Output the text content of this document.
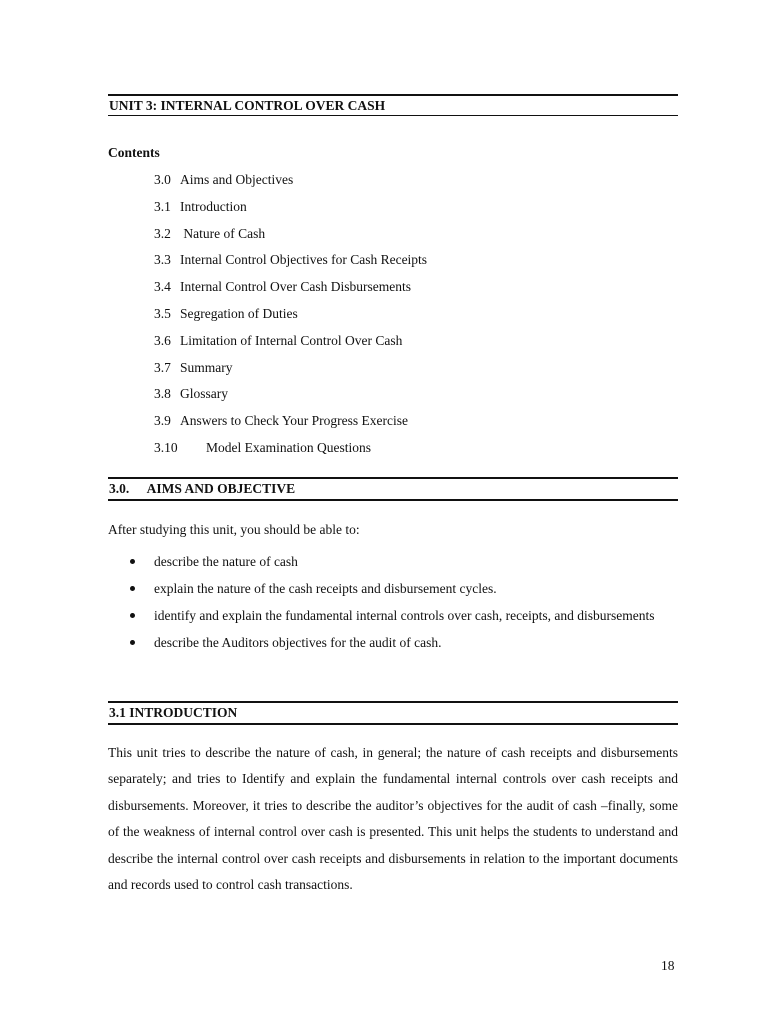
UNIT 3: INTERNAL CONTROL OVER CASH
Contents
3.0 Aims and Objectives
3.1 Introduction
3.2 Nature of Cash
3.3 Internal Control Objectives for Cash Receipts
3.4 Internal Control Over Cash Disbursements
3.5 Segregation of Duties
3.6 Limitation of Internal Control Over Cash
3.7 Summary
3.8 Glossary
3.9 Answers to Check Your Progress Exercise
3.10 Model Examination Questions
3.0. AIMS AND OBJECTIVE
After studying this unit, you should be able to:
describe the nature of cash
explain the nature of the cash receipts and disbursement cycles.
identify and explain the fundamental internal controls over cash, receipts, and disbursements
describe the Auditors objectives for the audit of cash.
3.1 INTRODUCTION

This unit tries to describe the nature of cash, in general; the nature of cash receipts and disbursements separately; and tries to Identify and explain the fundamental internal controls over cash receipts and disbursements. Moreover, it tries to describe the auditor’s objectives for the audit of cash –finally, some of the weakness of internal control over cash is presented. This unit helps the students to understand and describe the internal control over cash receipts and disbursements in relation to the important documents and records used to control cash transactions.

18
